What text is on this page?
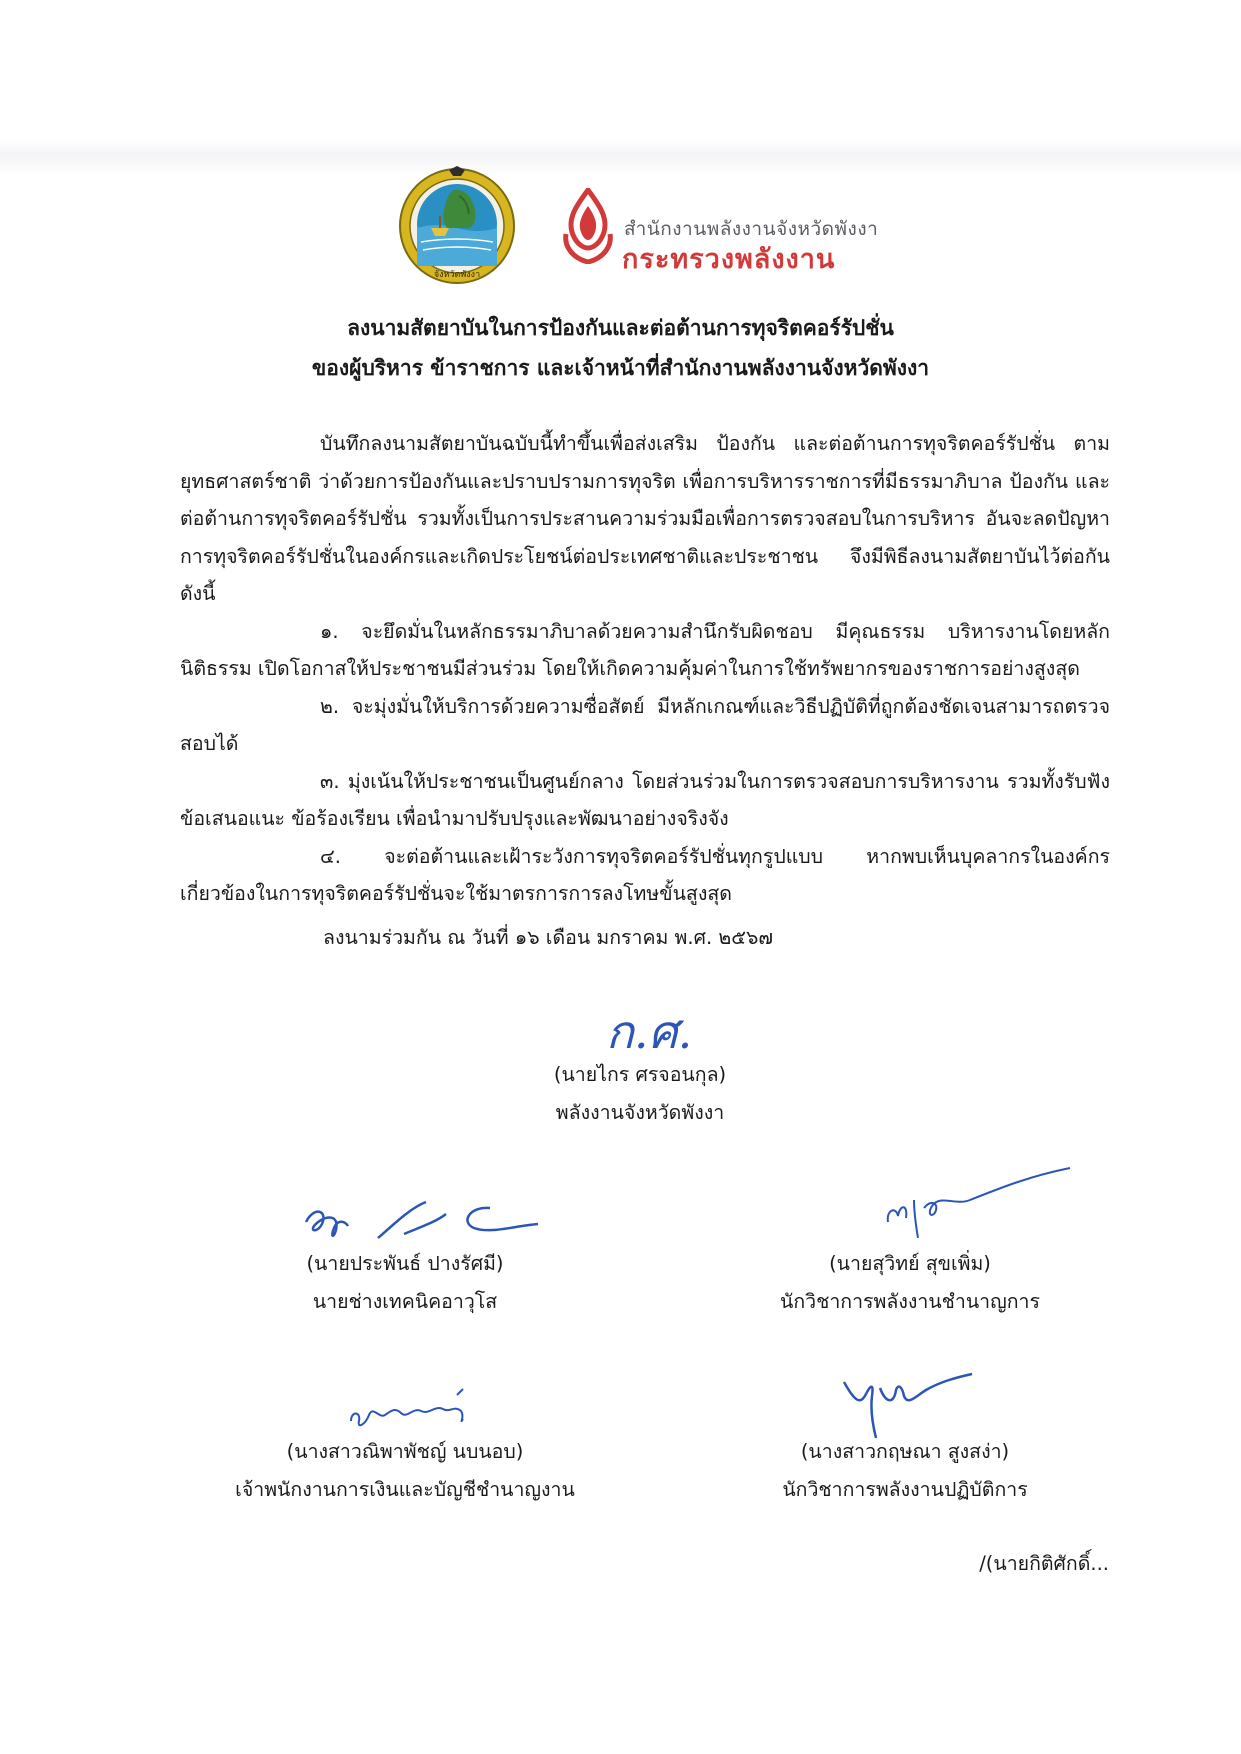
จังหวัดพังงา
สำนักงานพลังงานจังหวัดพังงา
กระทรวงพลังงาน
ลงนามสัตยาบันในการป้องกันและต่อต้านการทุจริตคอร์รัปชั่น
ของผู้บริหาร ข้าราชการ และเจ้าหน้าที่สำนักงานพลังงานจังหวัดพังงา

บันทึกลงนามสัตยาบันฉบับนี้ทำขึ้นเพื่อส่งเสริม ป้องกัน และต่อต้านการทุจริตคอร์รัปชั่น ตามยุทธศาสตร์ชาติ ว่าด้วยการป้องกันและปราบปรามการทุจริต เพื่อการบริหารราชการที่มีธรรมาภิบาล ป้องกัน และต่อต้านการทุจริตคอร์รัปชั่น รวมทั้งเป็นการประสานความร่วมมือเพื่อการตรวจสอบในการบริหาร อันจะลดปัญหาการทุจริตคอร์รัปชั่นในองค์กรและเกิดประโยชน์ต่อประเทศชาติและประชาชน จึงมีพิธีลงนามสัตยาบันไว้ต่อกัน ดังนี้

๑. จะยึดมั่นในหลักธรรมาภิบาลด้วยความสำนึกรับผิดชอบ มีคุณธรรม บริหารงานโดยหลักนิติธรรม เปิดโอกาสให้ประชาชนมีส่วนร่วม โดยให้เกิดความคุ้มค่าในการใช้ทรัพยากรของราชการอย่างสูงสุด

๒. จะมุ่งมั่นให้บริการด้วยความซื่อสัตย์ มีหลักเกณฑ์และวิธีปฏิบัติที่ถูกต้องชัดเจนสามารถตรวจสอบได้

๓. มุ่งเน้นให้ประชาชนเป็นศูนย์กลาง โดยส่วนร่วมในการตรวจสอบการบริหารงาน รวมทั้งรับฟังข้อเสนอแนะ ข้อร้องเรียน เพื่อนำมาปรับปรุงและพัฒนาอย่างจริงจัง

๔. จะต่อต้านและเฝ้าระวังการทุจริตคอร์รัปชั่นทุกรูปแบบ หากพบเห็นบุคลากรในองค์กรเกี่ยวข้องในการทุจริตคอร์รัปชั่นจะใช้มาตรการการลงโทษขั้นสูงสุด

ลงนามร่วมกัน ณ วันที่ ๑๖ เดือน มกราคม พ.ศ. ๒๕๖๗
ก.ศ.
(นายไกร ศรจอนกุล)
พลังงานจังหวัดพังงา
(นายประพันธ์ ปางรัศมี)
นายช่างเทคนิคอาวุโส
(นายสุวิทย์ สุขเพิ่ม)
นักวิชาการพลังงานชำนาญการ
(นางสาวณิพาพัชญ์ นบนอบ)
เจ้าพนักงานการเงินและบัญชีชำนาญงาน
(นางสาวกฤษณา สูงสง่า)
นักวิชาการพลังงานปฏิบัติการ
/(นายกิติศักดิ์...
